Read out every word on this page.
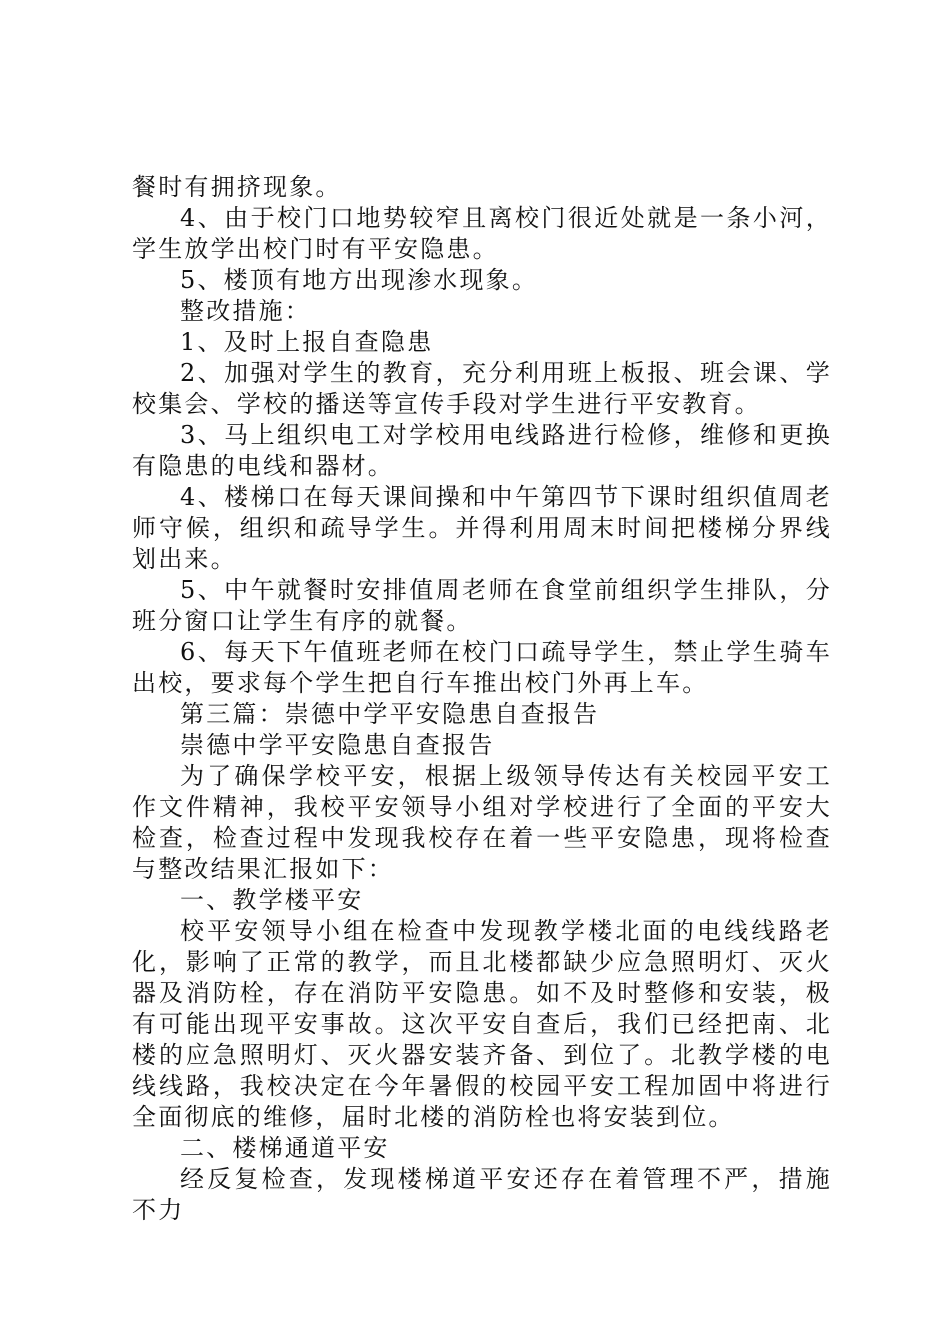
餐时有拥挤现象。

4、由于校门口地势较窄且离校门很近处就是一条小河，学生放学出校门时有平安隐患。

5、楼顶有地方出现渗水现象。

整改措施：

1、及时上报自查隐患

2、加强对学生的教育，充分利用班上板报、班会课、学校集会、学校的播送等宣传手段对学生进行平安教育。

3、马上组织电工对学校用电线路进行检修，维修和更换有隐患的电线和器材。

4、楼梯口在每天课间操和中午第四节下课时组织值周老师守候，组织和疏导学生。并得利用周末时间把楼梯分界线划出来。

5、中午就餐时安排值周老师在食堂前组织学生排队，分班分窗口让学生有序的就餐。

6、每天下午值班老师在校门口疏导学生，禁止学生骑车出校，要求每个学生把自行车推出校门外再上车。

第三篇：崇德中学平安隐患自查报告

崇德中学平安隐患自查报告

为了确保学校平安，根据上级领导传达有关校园平安工作文件精神，我校平安领导小组对学校进行了全面的平安大检查，检查过程中发现我校存在着一些平安隐患，现将检查与整改结果汇报如下：

一、教学楼平安

校平安领导小组在检查中发现教学楼北面的电线线路老化，影响了正常的教学，而且北楼都缺少应急照明灯、灭火器及消防栓，存在消防平安隐患。如不及时整修和安装，极有可能出现平安事故。这次平安自查后，我们已经把南、北楼的应急照明灯、灭火器安装齐备、到位了。北教学楼的电线线路，我校决定在今年暑假的校园平安工程加固中将进行全面彻底的维修，届时北楼的消防栓也将安装到位。

二、楼梯通道平安

经反复检查，发现楼梯道平安还存在着管理不严，措施不力
